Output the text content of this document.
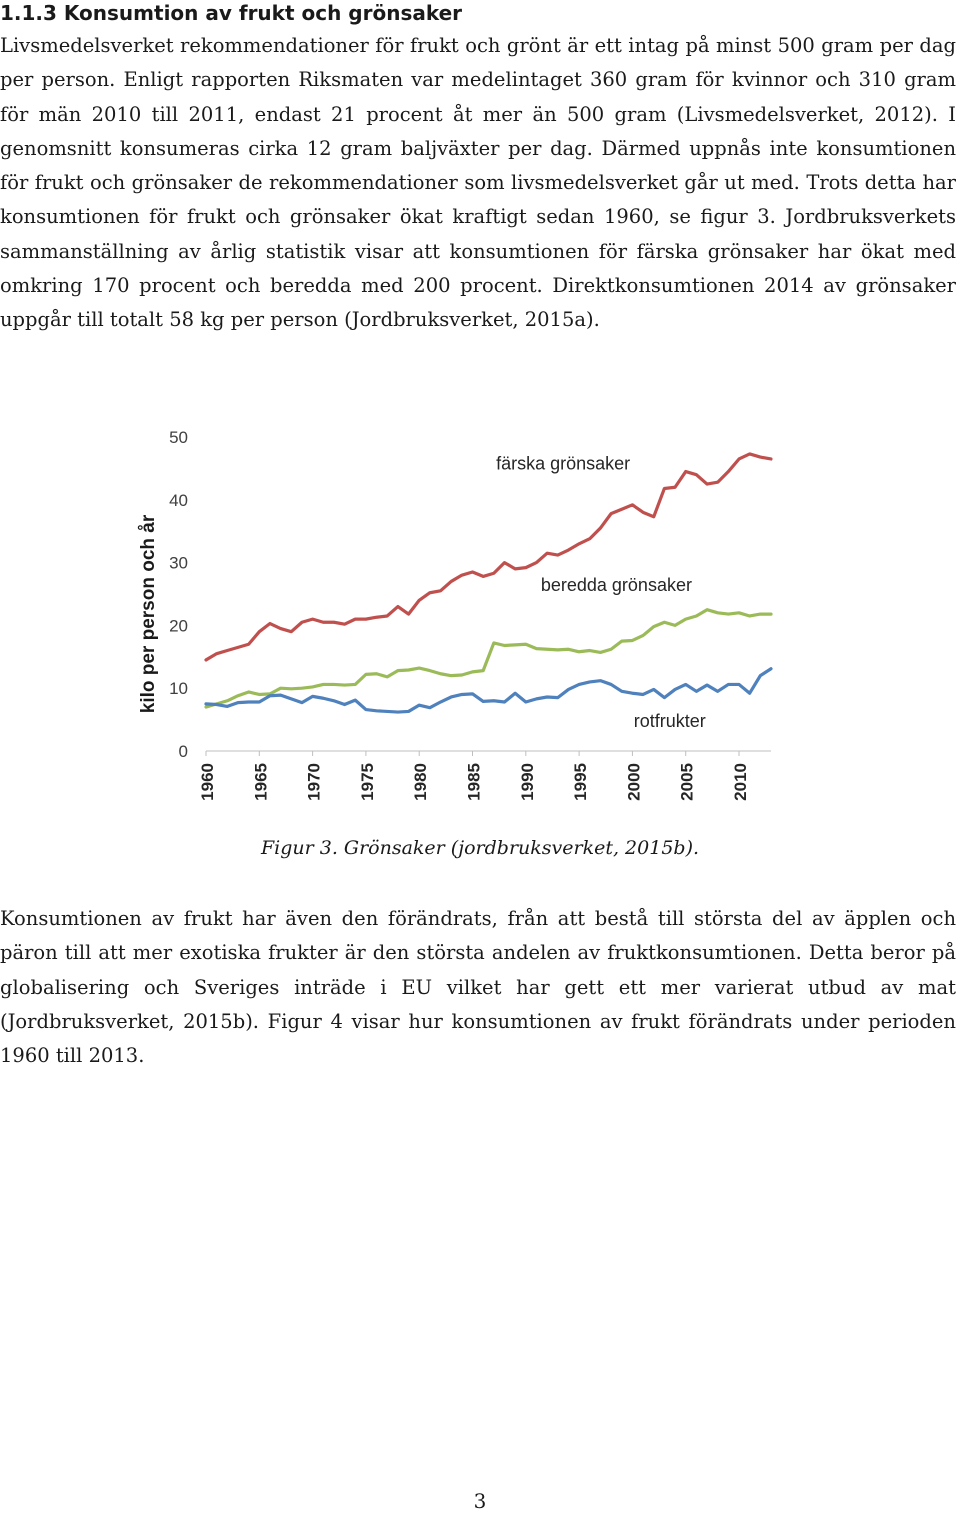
1.1.3 Konsumtion av frukt och grönsaker

Livsmedelsverket rekommendationer för frukt och grönt är ett intag på minst 500 gram per dag per person. Enligt rapporten Riksmaten var medelintaget 360 gram för kvinnor och 310 gram för män 2010 till 2011, endast 21 procent åt mer än 500 gram (Livsmedelsverket, 2012). I genomsnitt konsumeras cirka 12 gram baljväxter per dag. Därmed uppnås inte konsumtionen för frukt och grönsaker de rekommendationer som livsmedelsverket går ut med. Trots detta har konsumtionen för frukt och grönsaker ökat kraftigt sedan 1960, se figur 3. Jordbruksverkets sammanställning av årlig statistik visar att konsumtionen för färska grönsaker har ökat med omkring 170 procent och beredda med 200 procent. Direktkonsumtionen 2014 av grönsaker uppgår till totalt 58 kg per person (Jordbruksverket, 2015a).

0
10
20
30
40
50
1960 1965 1970 1975 1980 1985 1990 1995 2000 2005 2010
kilo per person och år
färska grönsaker
beredda grönsaker
rotfrukter

Figur 3. Grönsaker (jordbruksverket, 2015b).

Konsumtionen av frukt har även den förändrats, från att bestå till största del av äpplen och päron till att mer exotiska frukter är den största andelen av fruktkonsumtionen. Detta beror på globalisering och Sveriges inträde i EU vilket har gett ett mer varierat utbud av mat (Jordbruksverket, 2015b). Figur 4 visar hur konsumtionen av frukt förändrats under perioden 1960 till 2013.

3
